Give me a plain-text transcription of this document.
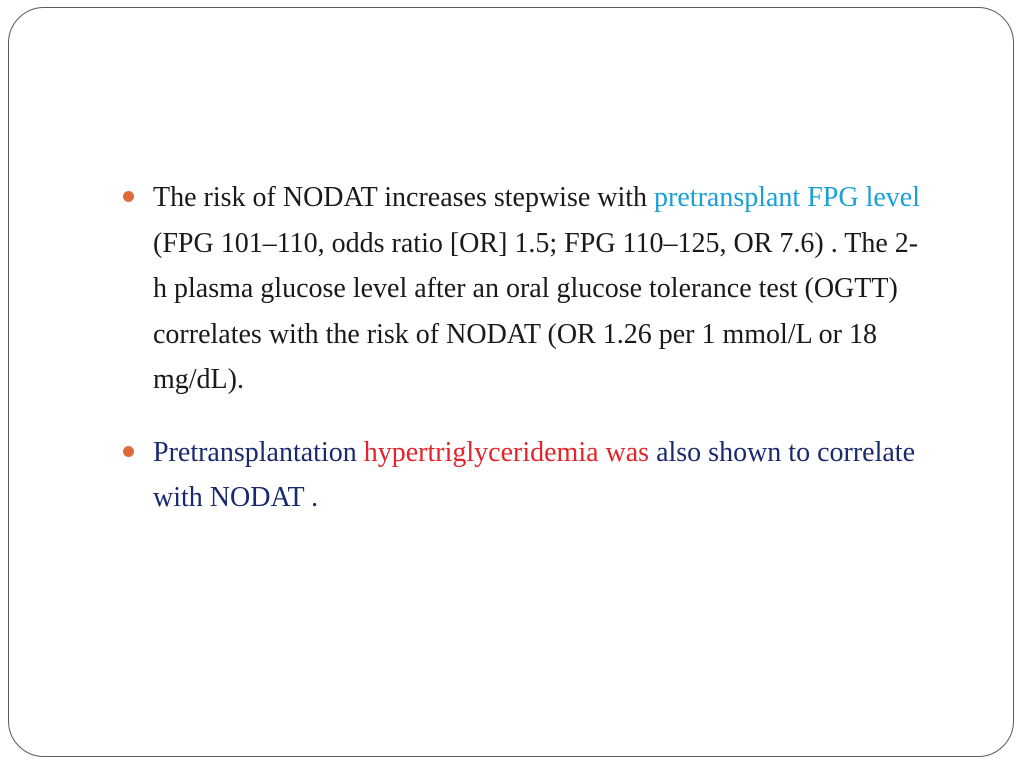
The risk of NODAT increases stepwise with pretransplant FPG level (FPG 101–110, odds ratio [OR] 1.5; FPG 110–125, OR 7.6) . The 2-h plasma glucose level after an oral glucose tolerance test (OGTT) correlates with the risk of NODAT (OR 1.26 per 1 mmol/L or 18 mg/dL).
Pretransplantation hypertriglyceridemia was also shown to correlate with NODAT .
